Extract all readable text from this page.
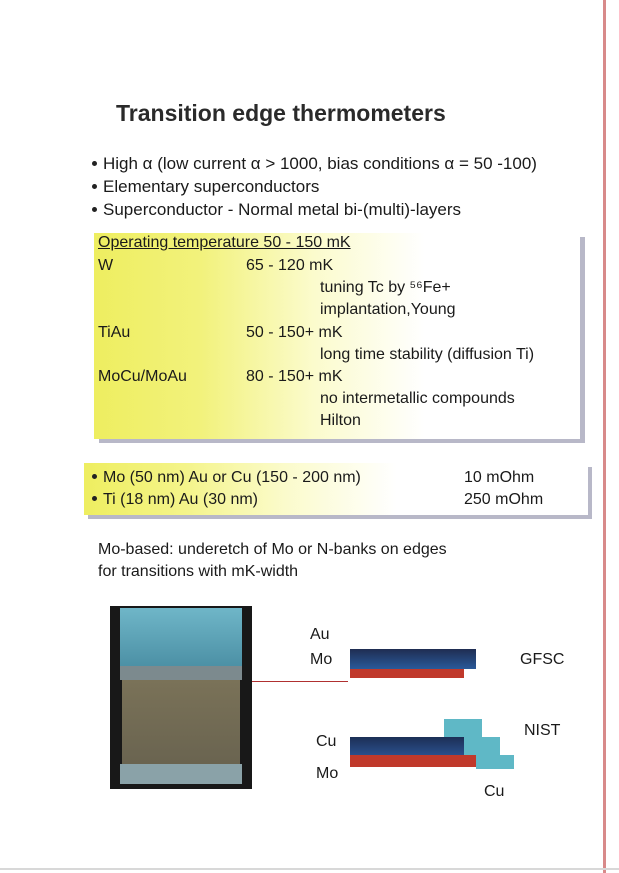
Transition edge thermometers
High α (low current α > 1000, bias conditions α = 50 -100)
Elementary superconductors
Superconductor - Normal metal bi-(multi)-layers
Operating temperature 50 - 150 mK
W	65 - 120 mK
tuning Tc by ⁵⁶Fe+
implantation,Young
TiAu	50 - 150+ mK
long time stability (diffusion Ti)
MoCu/MoAu	80 - 150+ mK
no intermetallic compounds
Hilton
Mo (50 nm) Au or Cu (150 - 200 nm)	10 mOhm
Ti (18 nm) Au (30 nm)	250 mOhm
Mo-based: underetch of Mo or N-banks on edges
for transitions with mK-width
Au
Mo	GFSC
Cu
Mo
Cu
NIST
